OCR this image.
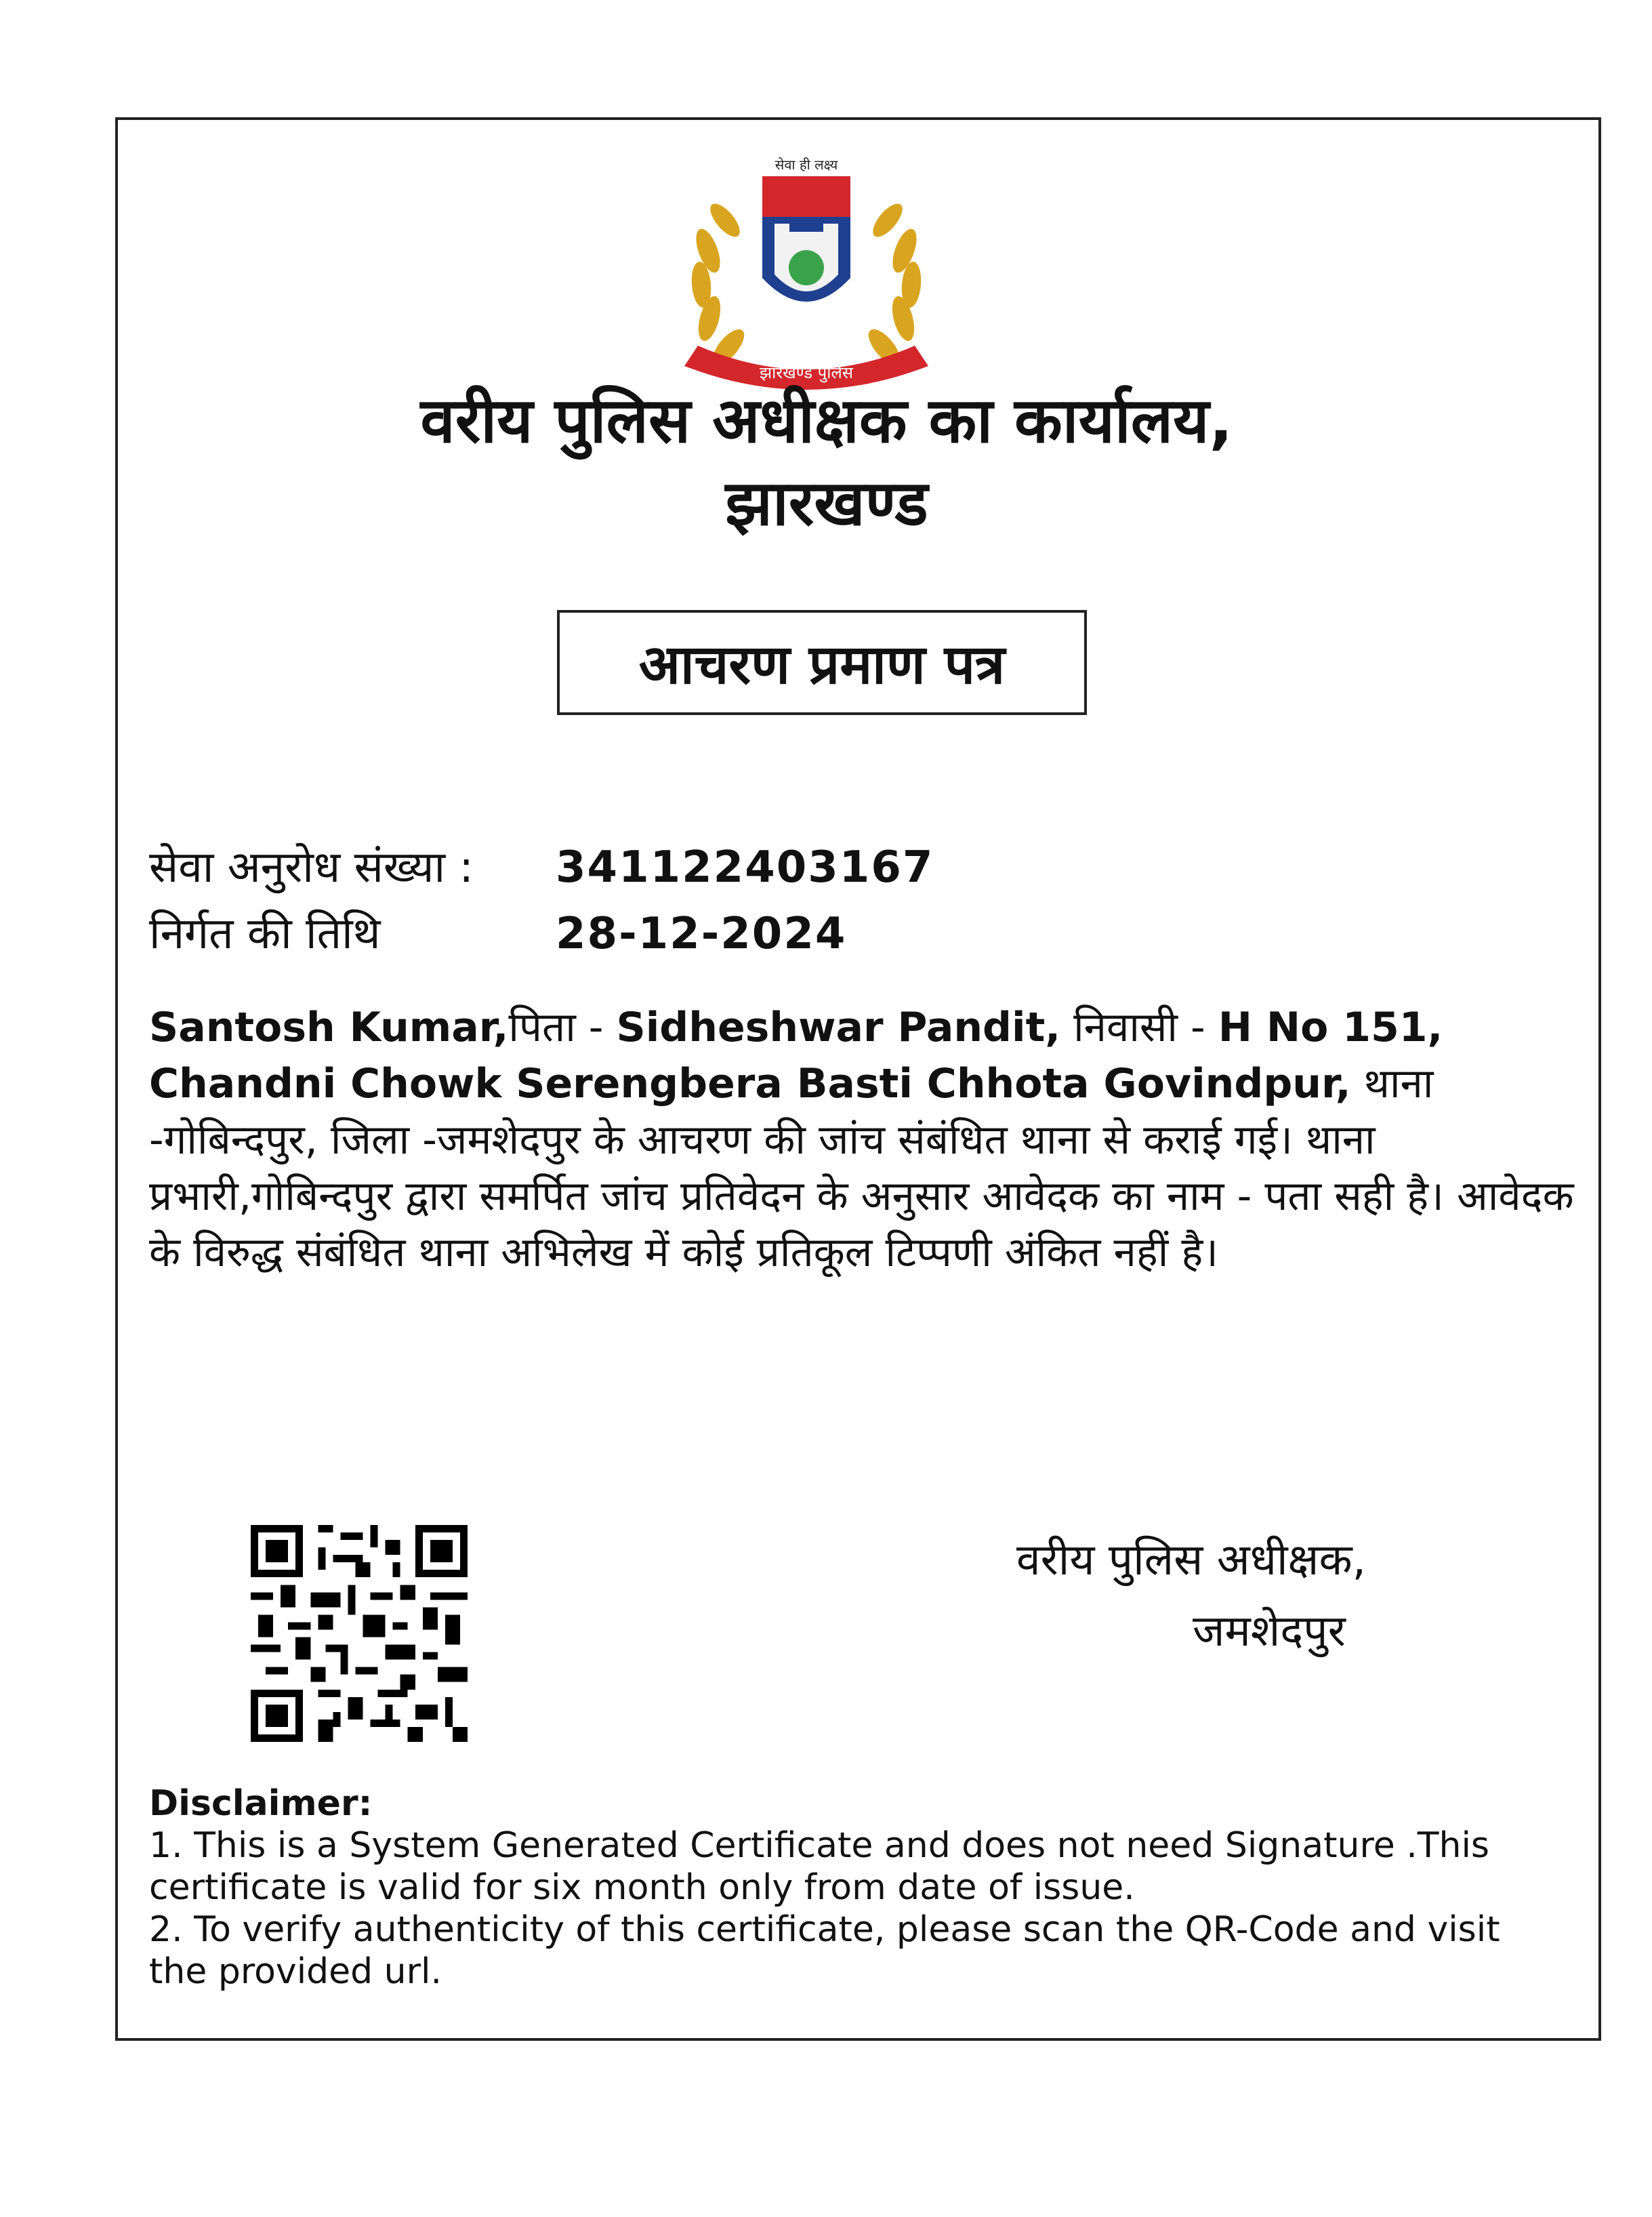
सेवा ही लक्ष्य
झारखण्ड पुलिस
वरीय पुलिस अधीक्षक का कार्यालय,
झारखण्ड
आचरण प्रमाण पत्र
सेवा अनुरोध संख्या : 341122403167
निर्गत की तिथि	28-12-2024

Santosh Kumar,पिता - Sidheshwar Pandit, निवासी - H No 151, Chandni Chowk Serengbera Basti Chhota Govindpur, थाना -गोबिन्दपुर, जिला -जमशेदपुर के आचरण की जांच संबंधित थाना से कराई गई। थाना प्रभारी,गोबिन्दपुर द्वारा समर्पित जांच प्रतिवेदन के अनुसार आवेदक का नाम - पता सही है। आवेदक के विरुद्ध संबंधित थाना अभिलेख में कोई प्रतिकूल टिप्पणी अंकित नहीं है।

वरीय पुलिस अधीक्षक,
जमशेदपुर
Disclaimer:
1. This is a System Generated Certificate and does not need Signature .This certificate is valid for six month only from date of issue.
2. To verify authenticity of this certificate, please scan the QR-Code and visit the provided url.
